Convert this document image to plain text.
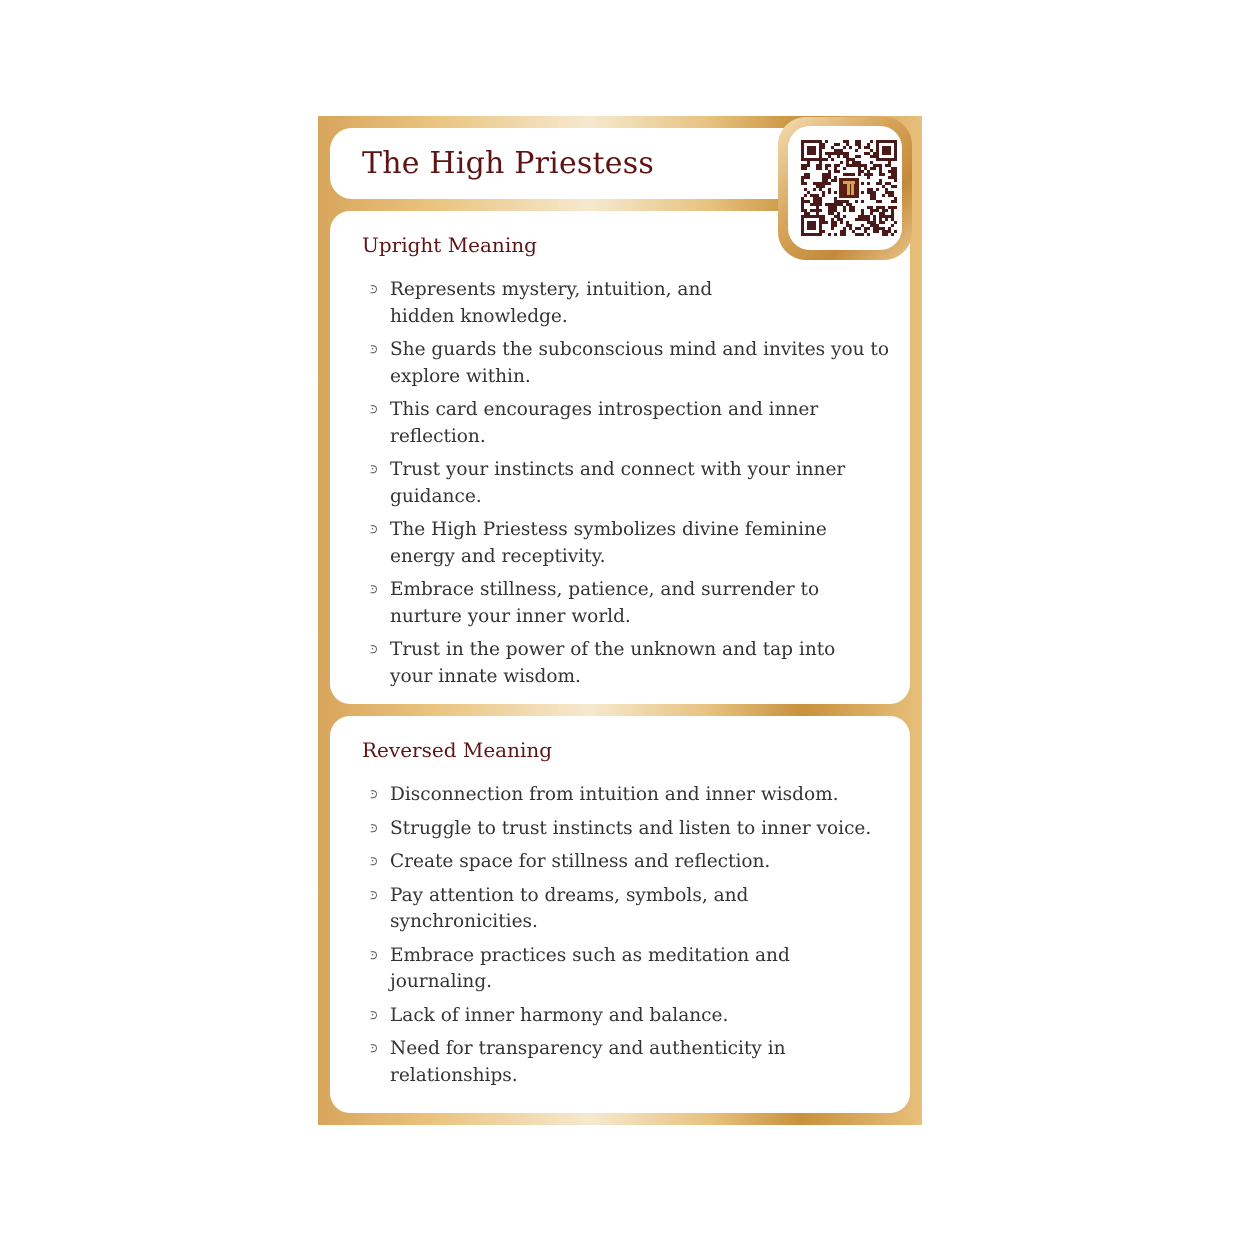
The High Priestess
Upright Meaning
⪾ Represents mystery, intuition, and hidden knowledge.
⪾ She guards the subconscious mind and invites you to explore within.
⪾ This card encourages introspection and inner reflection.
⪾ Trust your instincts and connect with your inner guidance.
⪾ The High Priestess symbolizes divine feminine energy and receptivity.
⪾ Embrace stillness, patience, and surrender to nurture your inner world.
⪾ Trust in the power of the unknown and tap into your innate wisdom.
Reversed Meaning
⪾ Disconnection from intuition and inner wisdom.
⪾ Struggle to trust instincts and listen to inner voice.
⪾ Create space for stillness and reflection.
⪾ Pay attention to dreams, symbols, and synchronicities.
⪾ Embrace practices such as meditation and journaling.
⪾ Lack of inner harmony and balance.
⪾ Need for transparency and authenticity in relationships.
